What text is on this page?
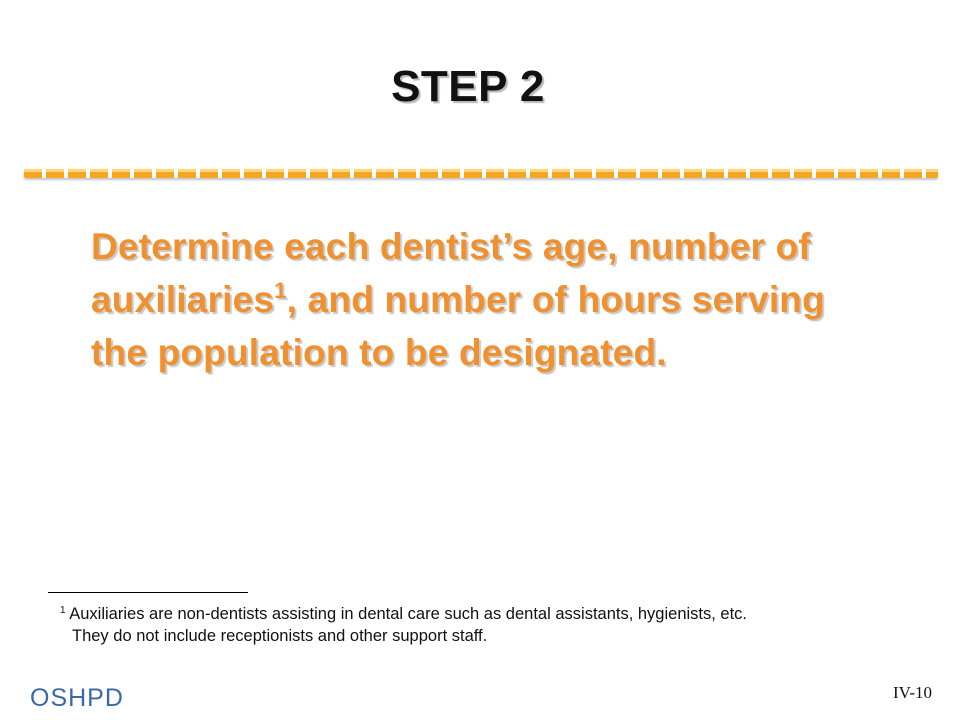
STEP 2
Determine each dentist’s age, number of
auxiliaries$^1$, and number of hours serving
the population to be designated.
$^1$ Auxiliaries are non-dentists assisting in dental care such as dental assistants, hygienists, etc.
They do not include receptionists and other support staff.
OSHPD	IV-10
